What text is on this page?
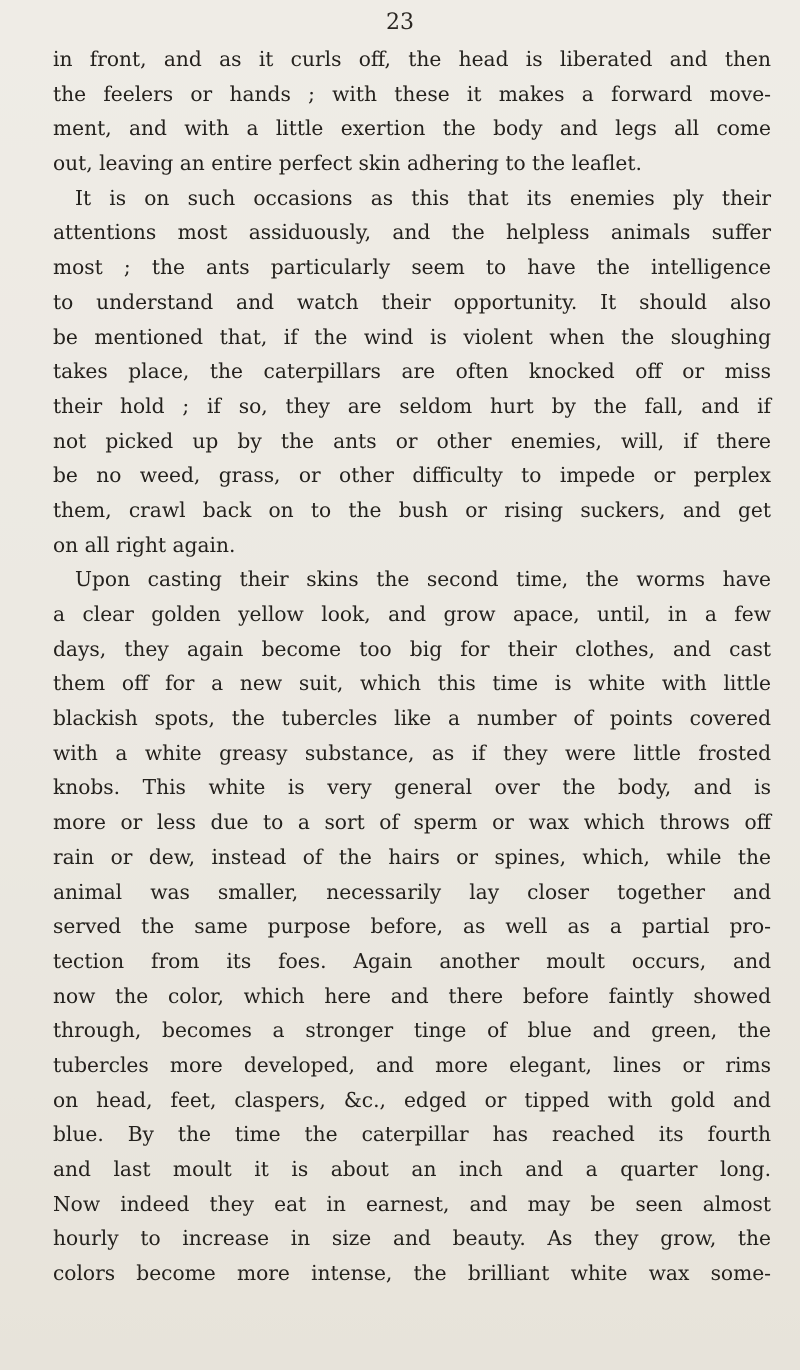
23
in front, and as it curls off, the head is liberated and then
the feelers or hands ; with these it makes a forward move-
ment, and with a little exertion the body and legs all come
out, leaving an entire perfect skin adhering to the leaflet.
It is on such occasions as this that its enemies ply their
attentions most assiduously, and the helpless animals suffer
most ; the ants particularly seem to have the intelligence
to understand and watch their opportunity. It should also
be mentioned that, if the wind is violent when the sloughing
takes place, the caterpillars are often knocked off or miss
their hold ; if so, they are seldom hurt by the fall, and if
not picked up by the ants or other enemies, will, if there
be no weed, grass, or other difficulty to impede or perplex
them, crawl back on to the bush or rising suckers, and get
on all right again.
Upon casting their skins the second time, the worms have
a clear golden yellow look, and grow apace, until, in a few
days, they again become too big for their clothes, and cast
them off for a new suit, which this time is white with little
blackish spots, the tubercles like a number of points covered
with a white greasy substance, as if they were little frosted
knobs. This white is very general over the body, and is
more or less due to a sort of sperm or wax which throws off
rain or dew, instead of the hairs or spines, which, while the
animal was smaller, necessarily lay closer together and
served the same purpose before, as well as a partial pro-
tection from its foes. Again another moult occurs, and
now the color, which here and there before faintly showed
through, becomes a stronger tinge of blue and green, the
tubercles more developed, and more elegant, lines or rims
on head, feet, claspers, &c., edged or tipped with gold and
blue. By the time the caterpillar has reached its fourth
and last moult it is about an inch and a quarter long.
Now indeed they eat in earnest, and may be seen almost
hourly to increase in size and beauty. As they grow, the
colors become more intense, the brilliant white wax some-
